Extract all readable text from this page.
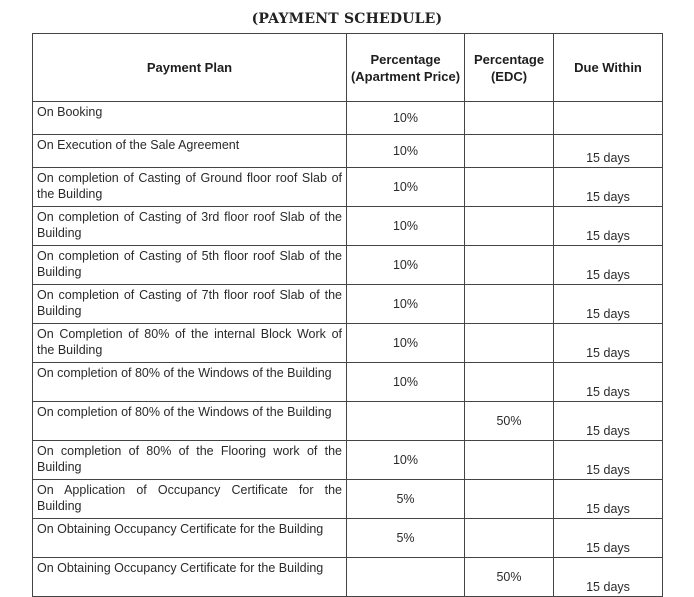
(PAYMENT SCHEDULE)
Payment Plan	Percentage (Apartment Price)	Percentage (EDC)	Due Within
On Booking	10%		
On Execution of the Sale Agreement	10%		15 days
On completion of Casting of Ground floor roof Slab of the Building	10%		15 days
On completion of Casting of 3rd floor roof Slab of the Building	10%		15 days
On completion of Casting of 5th floor roof Slab of the Building	10%		15 days
On completion of Casting of 7th floor roof Slab of the Building	10%		15 days
On Completion of 80% of the internal Block Work of the Building	10%		15 days
On completion of 80% of the Windows of the Building	10%		15 days
On completion of 80% of the Windows of the Building		50%	15 days
On completion of 80% of the Flooring work of the Building	10%		15 days
On Application of Occupancy Certificate for the Building	5%		15 days
On Obtaining Occupancy Certificate for the Building	5%		15 days
On Obtaining Occupancy Certificate for the Building		50%	15 days
